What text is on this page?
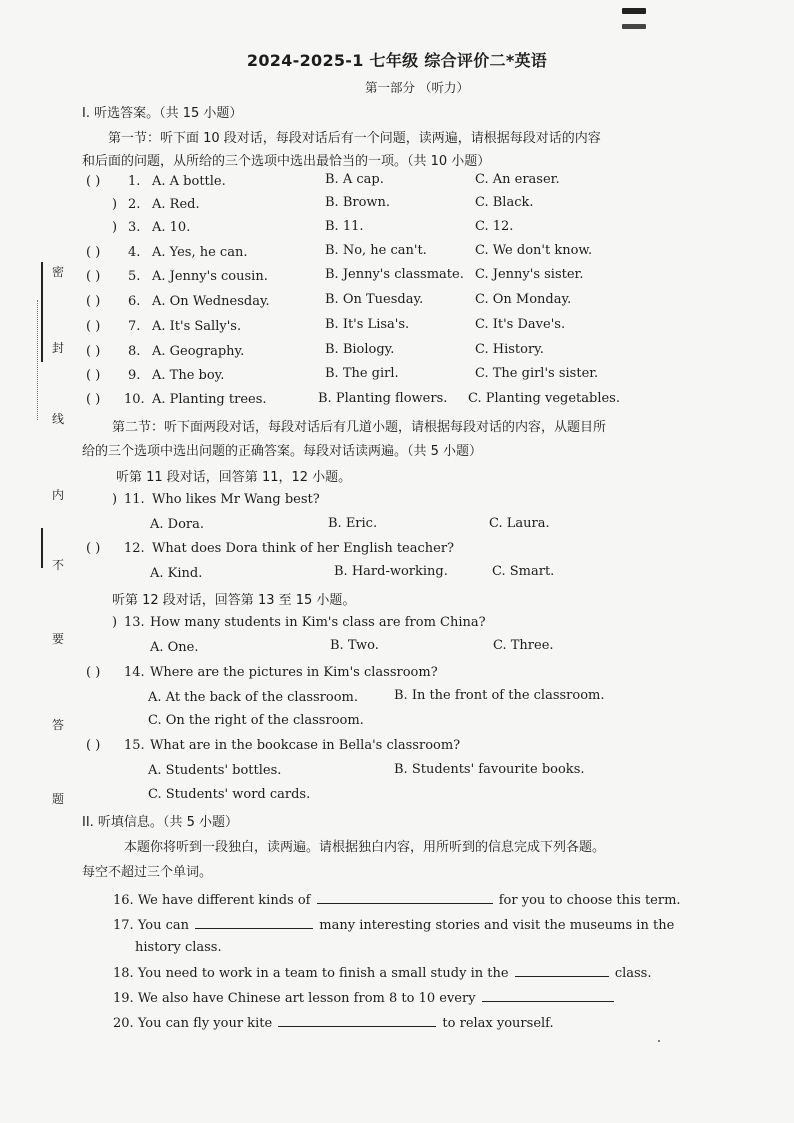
2024-2025-1 七年级 综合评价二*英语
第一部分 （听力）
密
封
线
内
不
要
答
题
I. 听选答案。（共 15 小题）
第一节：听下面 10 段对话，每段对话后有一个问题，读两遍，请根据每段对话的内容
和后面的问题，从所给的三个选项中选出最恰当的一项。（共 10 小题）
( ) 1. A. A bottle.	B. A cap.	C. An eraser.
) 2. A. Red.	B. Brown.	C. Black.
) 3. A. 10.	B. 11.	C. 12.
( ) 4. A. Yes, he can.	B. No, he can't.	C. We don't know.
( ) 5. A. Jenny's cousin.	B. Jenny's classmate. C. Jenny's sister.
( ) 6. A. On Wednesday.	B. On Tuesday.	C. On Monday.
( ) 7. A. It's Sally's.	B. It's Lisa's.	C. It's Dave's.
( ) 8. A. Geography.	B. Biology.	C. History.
( ) 9. A. The boy.	B. The girl.	C. The girl's sister.
( ) 10. A. Planting trees.	B. Planting flowers. C. Planting vegetables.
第二节：听下面两段对话，每段对话后有几道小题，请根据每段对话的内容，从题目所
给的三个选项中选出问题的正确答案。每段对话读两遍。（共 5 小题）
听第 11 段对话，回答第 11，12 小题。
) 11. Who likes Mr Wang best?
A. Dora.	B. Eric.	C. Laura.
( ) 12. What does Dora think of her English teacher?
A. Kind.	B. Hard-working.	C. Smart.
听第 12 段对话，回答第 13 至 15 小题。
) 13. How many students in Kim's class are from China?
A. One.	B. Two.	C. Three.
( ) 14. Where are the pictures in Kim's classroom?
A. At the back of the classroom.	B. In the front of the classroom.
C. On the right of the classroom.
( ) 15. What are in the bookcase in Bella's classroom?
A. Students' bottles.	B. Students' favourite books.
C. Students' word cards.
II. 听填信息。（共 5 小题）
本题你将听到一段独白，读两遍。请根据独白内容，用所听到的信息完成下列各题。
每空不超过三个单词。
16. We have different kinds of	for you to choose this term.
17. You can	many interesting stories and visit the museums in the
history class.
18. You need to work in a team to finish a small study in the	class.
19. We also have Chinese art lesson from 8 to 10 every
20. You can fly your kite	to relax yourself.
